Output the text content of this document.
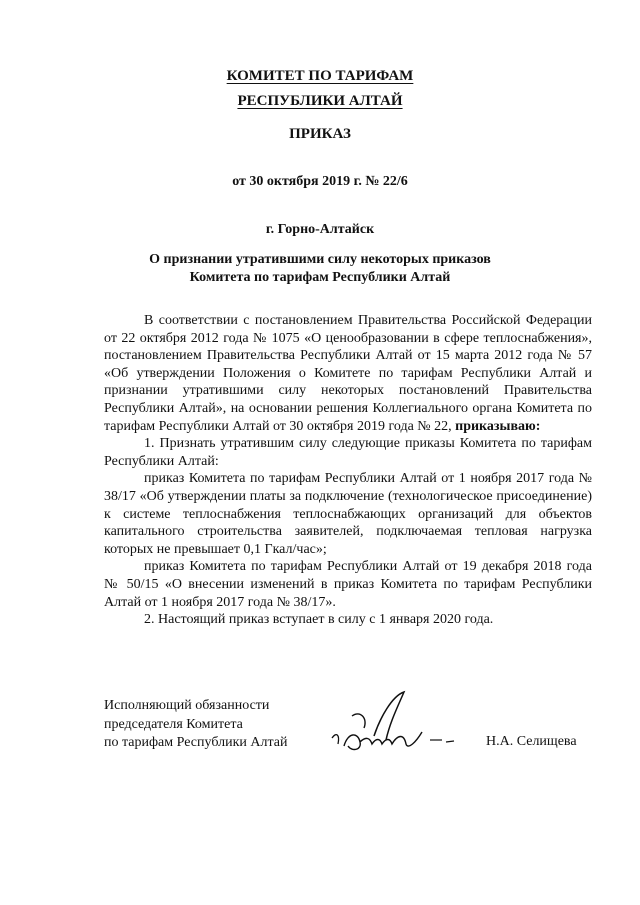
КОМИТЕТ ПО ТАРИФАМ
РЕСПУБЛИКИ АЛТАЙ
ПРИКАЗ
от 30 октября 2019 г. № 22/6
г. Горно-Алтайск
О признании утратившими силу некоторых приказов
Комитета по тарифам Республики Алтай

В соответствии с постановлением Правительства Российской Федерации от 22 октября 2012 года № 1075 «О ценообразовании в сфере теплоснабжения», постановлением Правительства Республики Алтай от 15 марта 2012 года № 57 «Об утверждении Положения о Комитете по тарифам Республики Алтай и признании утратившими силу некоторых постановлений Правительства Республики Алтай», на основании решения Коллегиального органа Комитета по тарифам Республики Алтай от 30 октября 2019 года № 22, приказываю:

1. Признать утратившим силу следующие приказы Комитета по тарифам Республики Алтай:

приказ Комитета по тарифам Республики Алтай от 1 ноября 2017 года № 38/17 «Об утверждении платы за подключение (технологическое присоединение) к системе теплоснабжения теплоснабжающих организаций для объектов капитального строительства заявителей, подключаемая тепловая нагрузка которых не превышает 0,1 Гкал/час»;

приказ Комитета по тарифам Республики Алтай от 19 декабря 2018 года № 50/15 «О внесении изменений в приказ Комитета по тарифам Республики Алтай от 1 ноября 2017 года № 38/17».

2. Настоящий приказ вступает в силу с 1 января 2020 года.

Исполняющий обязанности
председателя Комитета
по тарифам Республики Алтай	Н.А. Селищева
